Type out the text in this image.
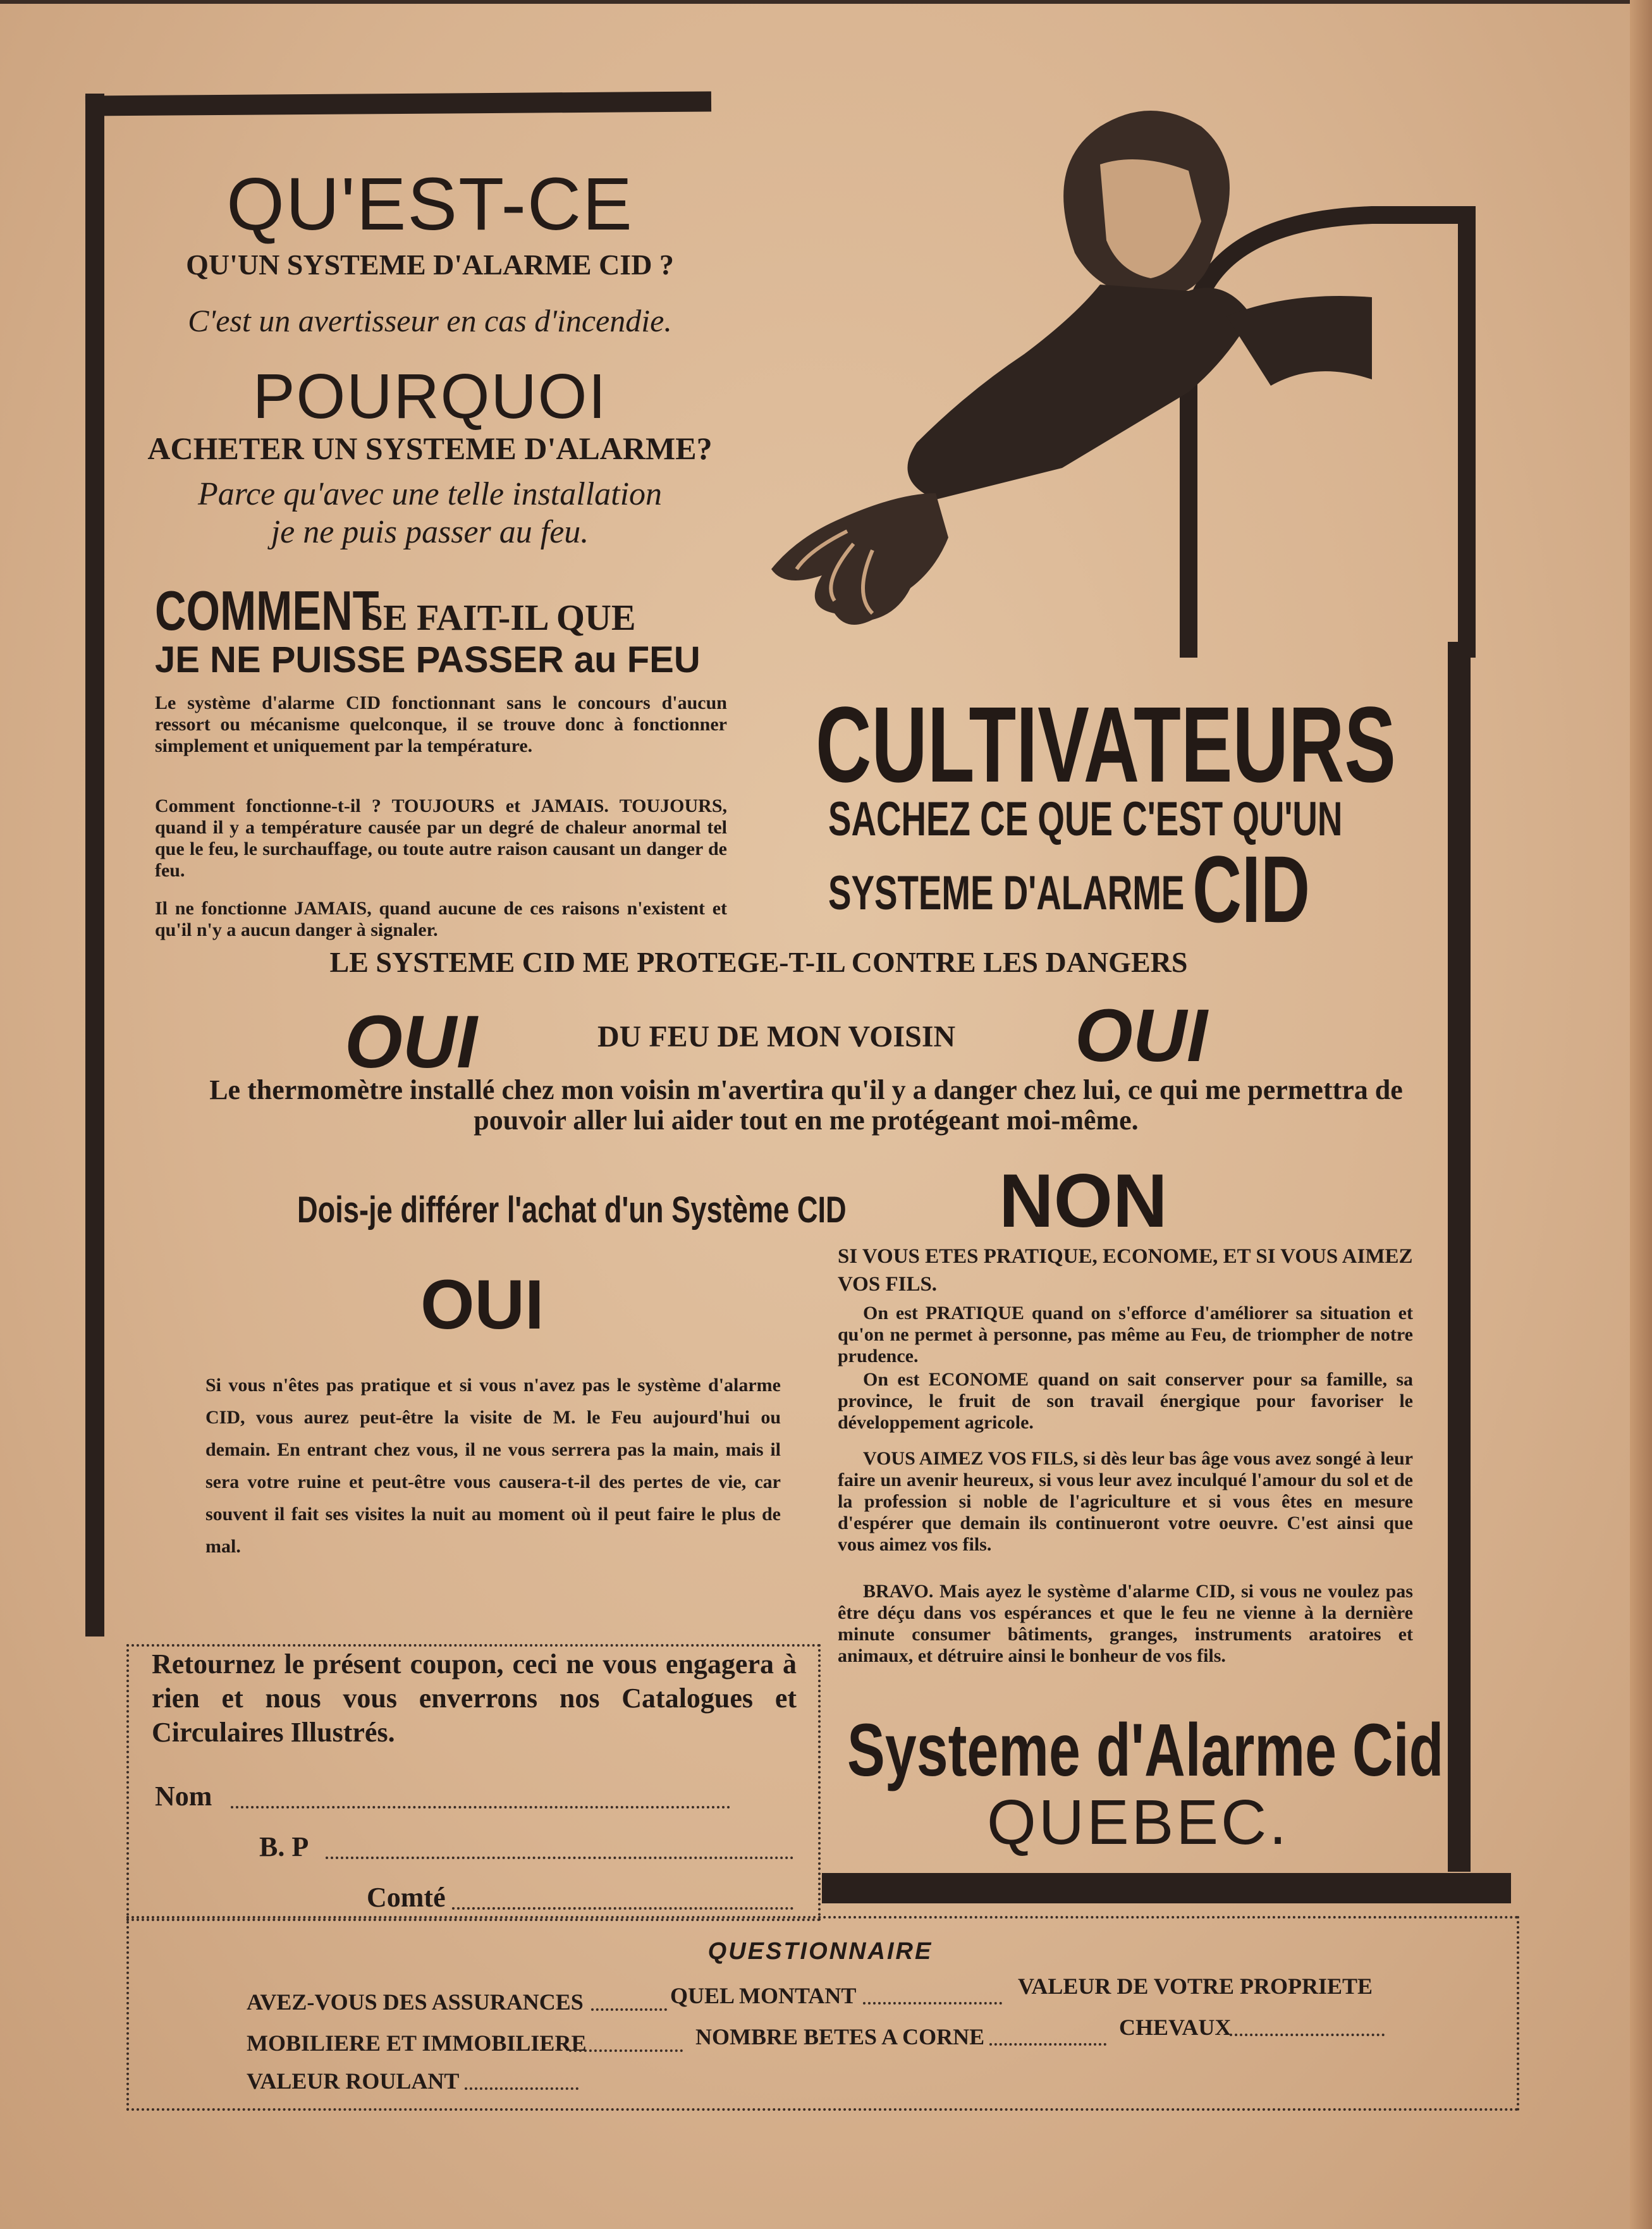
QU'EST-CE
QU'UN SYSTEME D'ALARME CID ?
C'est un avertisseur en cas d'incendie.
POURQUOI
ACHETER UN SYSTEME D'ALARME?
Parce qu'avec une telle installation
je ne puis passer au feu.
COMMENT SE FAIT-IL QUE
JE NE PUISSE PASSER au FEU
Le système d'alarme CID fonctionnant sans le concours d'aucun ressort ou mécanisme quelconque, il se trouve donc à fonctionner simplement et uniquement par la température.
Comment fonctionne-t-il ? TOUJOURS et JAMAIS. TOUJOURS, quand il y a température causée par un degré de chaleur anormal tel que le feu, le surchauffage, ou toute autre raison causant un danger de feu.
Il ne fonctionne JAMAIS, quand aucune de ces raisons n'existent et qu'il n'y a aucun danger à signaler.
CULTIVATEURS
SACHEZ CE QUE C'EST QU'UN
SYSTEME D'ALARME CID
LE SYSTEME CID ME PROTEGE-T-IL CONTRE LES DANGERS
OUI	DU FEU DE MON VOISIN OUI
Le thermomètre installé chez mon voisin m'avertira qu'il y a danger chez lui, ce qui me permettra de pouvoir aller lui aider tout en me protégeant moi-même.
Dois-je différer l'achat d'un Système CID NON
OUI
Si vous n'êtes pas pratique et si vous n'avez pas le système d'alarme CID, vous aurez peut-être la visite de M. le Feu aujourd'hui ou demain. En entrant chez vous, il ne vous serrera pas la main, mais il sera votre ruine et peut-être vous causera-t-il des pertes de vie, car souvent il fait ses visites la nuit au moment où il peut faire le plus de mal.
SI VOUS ETES PRATIQUE, ECONOME, ET SI VOUS AIMEZ VOS FILS.
On est PRATIQUE quand on s'efforce d'améliorer sa situation et qu'on ne permet à personne, pas même au Feu, de triompher de notre prudence.
On est ECONOME quand on sait conserver pour sa famille, sa province, le fruit de son travail énergique pour favoriser le développement agricole.
VOUS AIMEZ VOS FILS, si dès leur bas âge vous avez songé à leur faire un avenir heureux, si vous leur avez inculqué l'amour du sol et de la profession si noble de l'agriculture et si vous êtes en mesure d'espérer que demain ils continueront votre oeuvre. C'est ainsi que vous aimez vos fils.
BRAVO. Mais ayez le système d'alarme CID, si vous ne voulez pas être déçu dans vos espérances et que le feu ne vienne à la dernière minute consumer bâtiments, granges, instruments aratoires et animaux, et détruire ainsi le bonheur de vos fils.
Systeme d'Alarme Cid
QUEBEC.
Retournez le présent coupon, ceci ne vous engagera à rien et nous vous enverrons nos Catalogues et Circulaires Illustrés.
Nom
B. P
Comté
QUESTIONNAIRE
AVEZ-VOUS DES ASSURANCES	QUEL MONTANT	VALEUR DE VOTRE PROPRIETE
MOBILIERE ET IMMOBILIERE	NOMBRE BETES A CORNE	CHEVAUX
VALEUR ROULANT
